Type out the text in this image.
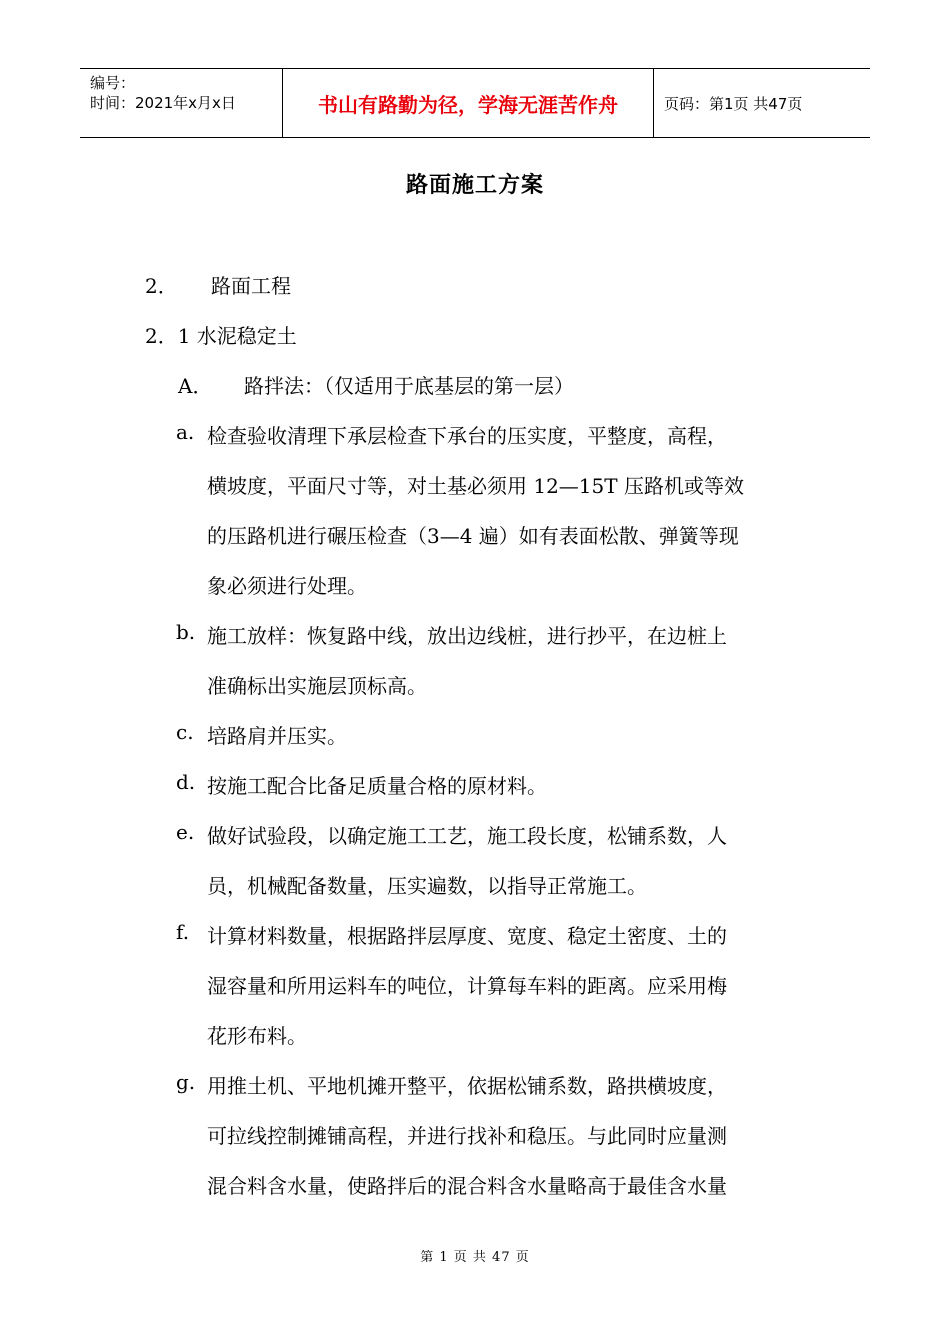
编号：
时间：2021年x月x日	书山有路勤为径，学海无涯苦作舟	页码：第1页 共47页
路面施工方案
2． 路面工程
2．1 水泥稳定土
A． 路拌法：（仅适用于底基层的第一层）
a. 检查验收清理下承层检查下承台的压实度，平整度，高程，
横坡度，平面尺寸等，对土基必须用 12—15T 压路机或等效
的压路机进行碾压检查（3—4 遍）如有表面松散、弹簧等现
象必须进行处理。
b. 施工放样：恢复路中线，放出边线桩，进行抄平，在边桩上
准确标出实施层顶标高。
c. 培路肩并压实。
d. 按施工配合比备足质量合格的原材料。
e. 做好试验段，以确定施工工艺，施工段长度，松铺系数，人
员，机械配备数量，压实遍数，以指导正常施工。
f. 计算材料数量，根据路拌层厚度、宽度、稳定土密度、土的
湿容量和所用运料车的吨位，计算每车料的距离。应采用梅
花形布料。
g. 用推土机、平地机摊开整平，依据松铺系数，路拱横坡度，
可拉线控制摊铺高程，并进行找补和稳压。与此同时应量测
混合料含水量，使路拌后的混合料含水量略高于最佳含水量
第 1 页 共 47 页
